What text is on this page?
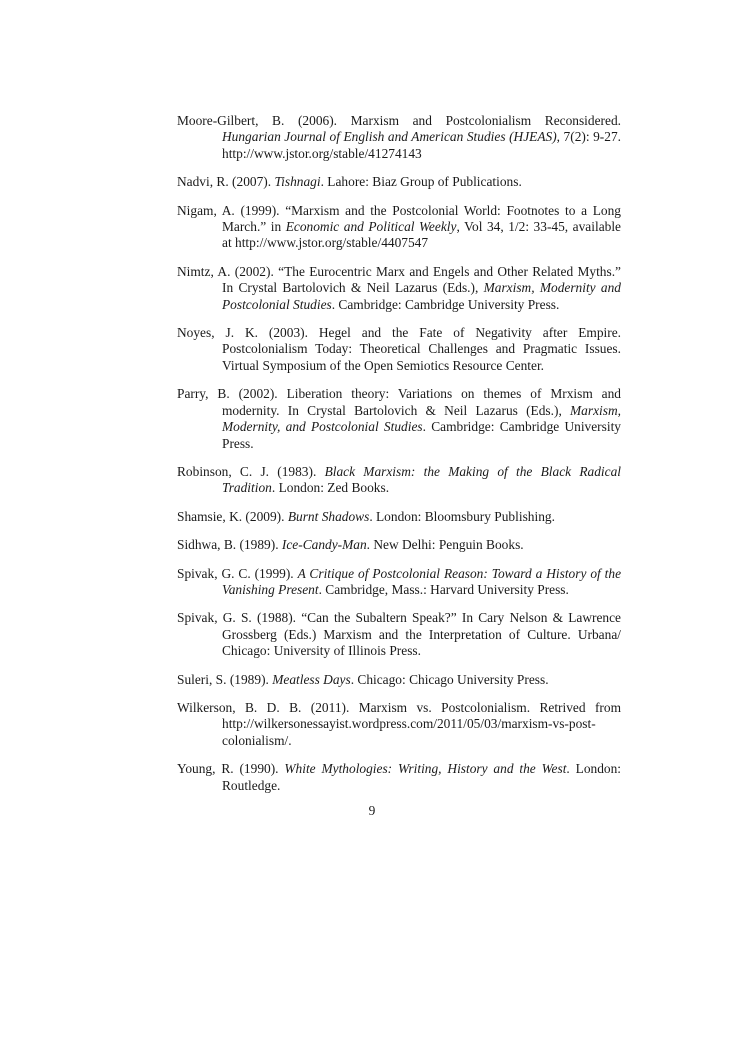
Moore-Gilbert, B. (2006). Marxism and Postcolonialism Reconsidered. Hungarian Journal of English and American Studies (HJEAS), 7(2): 9-27. http://www.jstor.org/stable/41274143

Nadvi, R. (2007). Tishnagi. Lahore: Biaz Group of Publications.

Nigam, A. (1999). “Marxism and the Postcolonial World: Footnotes to a Long March.” in Economic and Political Weekly, Vol 34, 1/2: 33-45, available at http://www.jstor.org/stable/4407547

Nimtz, A. (2002). “The Eurocentric Marx and Engels and Other Related Myths.” In Crystal Bartolovich & Neil Lazarus (Eds.), Marxism, Modernity and Postcolonial Studies. Cambridge: Cambridge University Press.

Noyes, J. K. (2003). Hegel and the Fate of Negativity after Empire. Postcolonialism Today: Theoretical Challenges and Pragmatic Issues. Virtual Symposium of the Open Semiotics Resource Center.

Parry, B. (2002). Liberation theory: Variations on themes of Mrxism and modernity. In Crystal Bartolovich & Neil Lazarus (Eds.), Marxism, Modernity, and Postcolonial Studies. Cambridge: Cambridge University Press.

Robinson, C. J. (1983). Black Marxism: the Making of the Black Radical Tradition. London: Zed Books.

Shamsie, K. (2009). Burnt Shadows. London: Bloomsbury Publishing.

Sidhwa, B. (1989). Ice-Candy-Man. New Delhi: Penguin Books.

Spivak, G. C. (1999). A Critique of Postcolonial Reason: Toward a History of the Vanishing Present. Cambridge, Mass.: Harvard University Press.

Spivak, G. S. (1988). “Can the Subaltern Speak?” In Cary Nelson & Lawrence Grossberg (Eds.) Marxism and the Interpretation of Culture. Urbana/ Chicago: University of Illinois Press.

Suleri, S. (1989). Meatless Days. Chicago: Chicago University Press.

Wilkerson, B. D. B. (2011). Marxism vs. Postcolonialism. Retrived from http://wilkersonessayist.wordpress.com/2011/05/03/marxism-vs-post-colonialism/.

Young, R. (1990). White Mythologies: Writing, History and the West. London: Routledge.

9
